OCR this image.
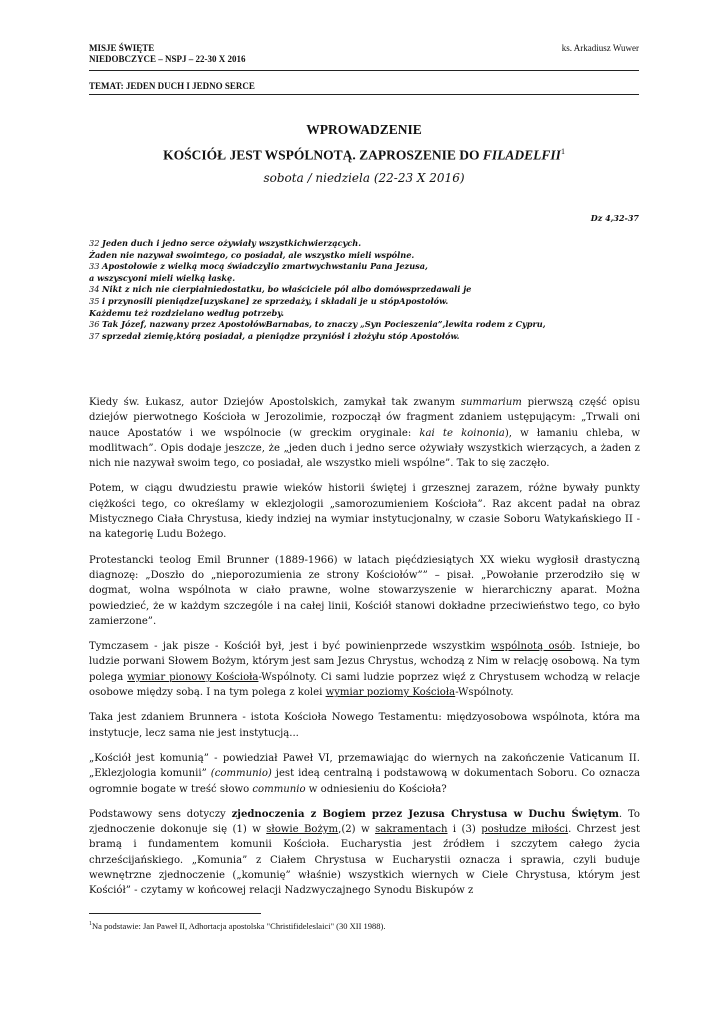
MISJE ŚWIĘTE
NIEDOBCZYCE – NSPJ – 22-30 X 2016
ks. Arkadiusz Wuwer
TEMAT: JEDEN DUCH I JEDNO SERCE
WPROWADZENIE
KOŚCIÓŁ JEST WSPÓLNOTĄ. ZAPROSZENIE DO FILADELFII$^1$
sobota / niedziela (22-23 X 2016)
Dz 4,32-37
32 Jeden duch i jedno serce ożywiały wszystkichwierzących.
Żaden nie nazywał swoimtego, co posiadał, ale wszystko mieli wspólne.
33 Apostołowie z wielką mocą świadczylio zmartwychwstaniu Pana Jezusa,
a wszyscyoni mieli wielką łaskę.
34 Nikt z nich nie cierpiałniedostatku, bo właściciele pól albo domówsprzedawali je
35 i przynosili pieniądze[uzyskane] ze sprzedaży, i składali je u stópApostołów.
Każdemu też rozdzielano według potrzeby.
36 Tak Józef, nazwany przez ApostołówBarnabas, to znaczy „Syn Pocieszenia”,lewita rodem z Cypru,
37 sprzedał ziemię,którą posiadał, a pieniądze przyniósł i złożyłu stóp Apostołów.

Kiedy św. Łukasz, autor Dziejów Apostolskich, zamykał tak zwanym summarium pierwszą część opisu dziejów pierwotnego Kościoła w Jerozolimie, rozpoczął ów fragment zdaniem ustępującym: „Trwali oni nauce Apostatów i we wspólnocie (w greckim oryginale: kai te koinonia), w łamaniu chleba, w modlitwach”. Opis dodaje jeszcze, że „jeden duch i jedno serce ożywiały wszystkich wierzących, a żaden z nich nie nazywał swoim tego, co posiadał, ale wszystko mieli wspólne”. Tak to się zaczęło.

Potem, w ciągu dwudziestu prawie wieków historii świętej i grzesznej zarazem, różne bywały punkty ciężkości tego, co określamy w eklezjologii „samorozumieniem Kościoła”. Raz akcent padał na obraz Mistycznego Ciała Chrystusa, kiedy indziej na wymiar instytucjonalny, w czasie Soboru Watykańskiego II - na kategorię Ludu Bożego.

Protestancki teolog Emil Brunner (1889-1966) w latach pięćdziesiątych XX wieku wygłosił drastyczną diagnozę: „Doszło do „nieporozumienia ze strony Kościołów”” – pisał. „Powołanie przerodziło się w dogmat, wolna wspólnota w ciało prawne, wolne stowarzyszenie w hierarchiczny aparat. Można powiedzieć, że w każdym szczególe i na całej linii, Kościół stanowi dokładne przeciwieństwo tego, co było zamierzone”.

Tymczasem - jak pisze - Kościół był, jest i być powinienprzede wszystkim wspólnotą osób. Istnieje, bo ludzie porwani Słowem Bożym, którym jest sam Jezus Chrystus, wchodzą z Nim w relację osobową. Na tym polega wymiar pionowy Kościoła-Wspólnoty. Ci sami ludzie poprzez więź z Chrystusem wchodzą w relacje osobowe między sobą. I na tym polega z kolei wymiar poziomy Kościoła-Wspólnoty.

Taka jest zdaniem Brunnera - istota Kościoła Nowego Testamentu: międzyosobowa wspólnota, która ma instytucje, lecz sama nie jest instytucją...

„Kościół jest komunią” - powiedział Paweł VI, przemawiając do wiernych na zakończenie Vaticanum II. „Eklezjologia komunii” (communio) jest ideą centralną i podstawową w dokumentach Soboru. Co oznacza ogromnie bogate w treść słowo communio w odniesieniu do Kościoła?

Podstawowy sens dotyczy zjednoczenia z Bogiem przez Jezusa Chrystusa w Duchu Świętym. To zjednoczenie dokonuje się (1) w słowie Bożym,(2) w sakramentach i (3) posłudze miłości. Chrzest jest bramą i fundamentem komunii Kościoła. Eucharystia jest źródłem i szczytem całego życia chrześcijańskiego. „Komunia” z Ciałem Chrystusa w Eucharystii oznacza i sprawia, czyli buduje wewnętrzne zjednoczenie („komunię” właśnie) wszystkich wiernych w Ciele Chrystusa, którym jest Kościół” - czytamy w końcowej relacji Nadzwyczajnego Synodu Biskupów z

$^1$Na podstawie: Jan Paweł II, Adhortacja apostolska "Christifideleslaici" (30 XII 1988).
